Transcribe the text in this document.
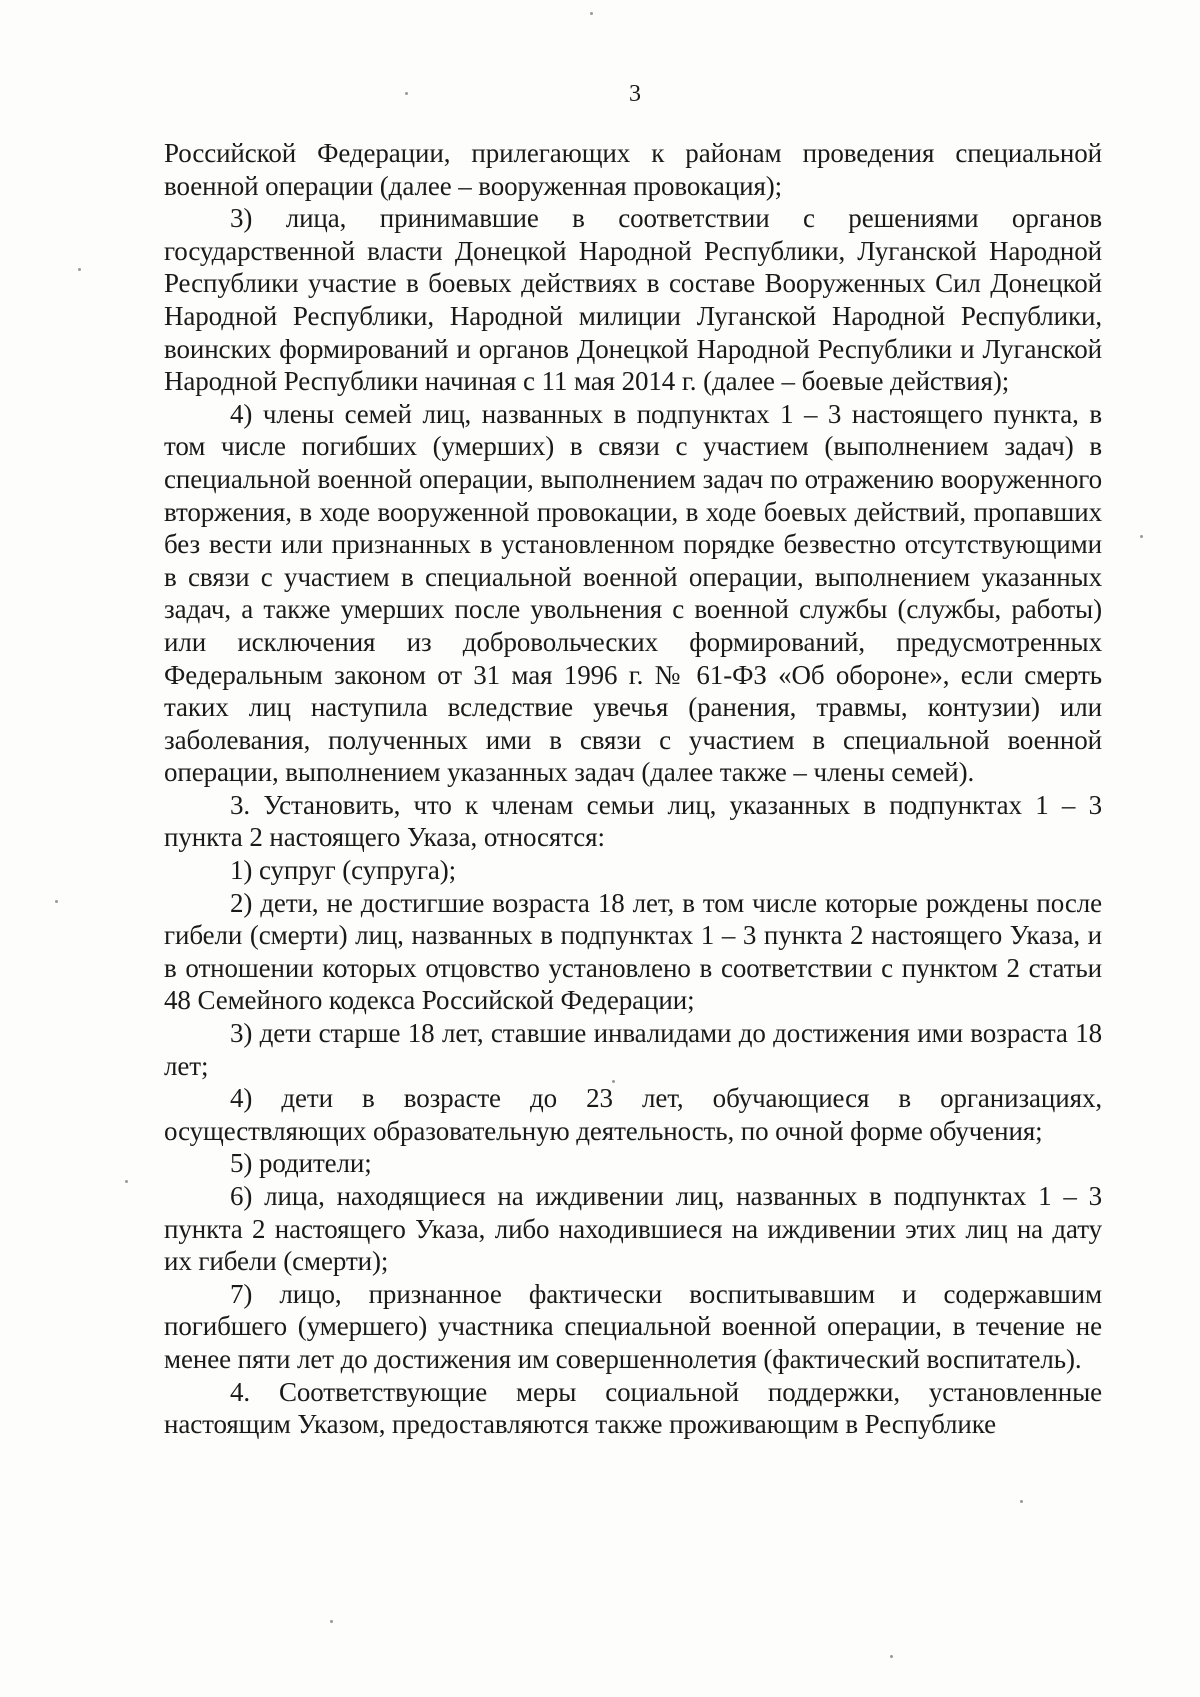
3

Российской Федерации, прилегающих к районам проведения специальной военной операции (далее – вооруженная провокация);

3) лица, принимавшие в соответствии с решениями органов государственной власти Донецкой Народной Республики, Луганской Народной Республики участие в боевых действиях в составе Вооруженных Сил Донецкой Народной Республики, Народной милиции Луганской Народной Республики, воинских формирований и органов Донецкой Народной Республики и Луганской Народной Республики начиная с 11 мая 2014 г. (далее – боевые действия);

4) члены семей лиц, названных в подпунктах 1 – 3 настоящего пункта, в том числе погибших (умерших) в связи с участием (выполнением задач) в специальной военной операции, выполнением задач по отражению вооруженного вторжения, в ходе вооруженной провокации, в ходе боевых действий, пропавших без вести или признанных в установленном порядке безвестно отсутствующими в связи с участием в специальной военной операции, выполнением указанных задач, а также умерших после увольнения с военной службы (службы, работы) или исключения из добровольческих формирований, предусмотренных Федеральным законом от 31 мая 1996 г. № 61-ФЗ «Об обороне», если смерть таких лиц наступила вследствие увечья (ранения, травмы, контузии) или заболевания, полученных ими в связи с участием в специальной военной операции, выполнением указанных задач (далее также – члены семей).

3. Установить, что к членам семьи лиц, указанных в подпунктах 1 – 3 пункта 2 настоящего Указа, относятся:

1) супруг (супруга);

2) дети, не достигшие возраста 18 лет, в том числе которые рождены после гибели (смерти) лиц, названных в подпунктах 1 – 3 пункта 2 настоящего Указа, и в отношении которых отцовство установлено в соответствии с пунктом 2 статьи 48 Семейного кодекса Российской Федерации;

3) дети старше 18 лет, ставшие инвалидами до достижения ими возраста 18 лет;

4) дети в возрасте до 23 лет, обучающиеся в организациях, осуществляющих образовательную деятельность, по очной форме обучения;

5) родители;

6) лица, находящиеся на иждивении лиц, названных в подпунктах 1 – 3 пункта 2 настоящего Указа, либо находившиеся на иждивении этих лиц на дату их гибели (смерти);

7) лицо, признанное фактически воспитывавшим и содержавшим погибшего (умершего) участника специальной военной операции, в течение не менее пяти лет до достижения им совершеннолетия (фактический воспитатель).

4. Соответствующие меры социальной поддержки, установленные настоящим Указом, предоставляются также проживающим в Республике
